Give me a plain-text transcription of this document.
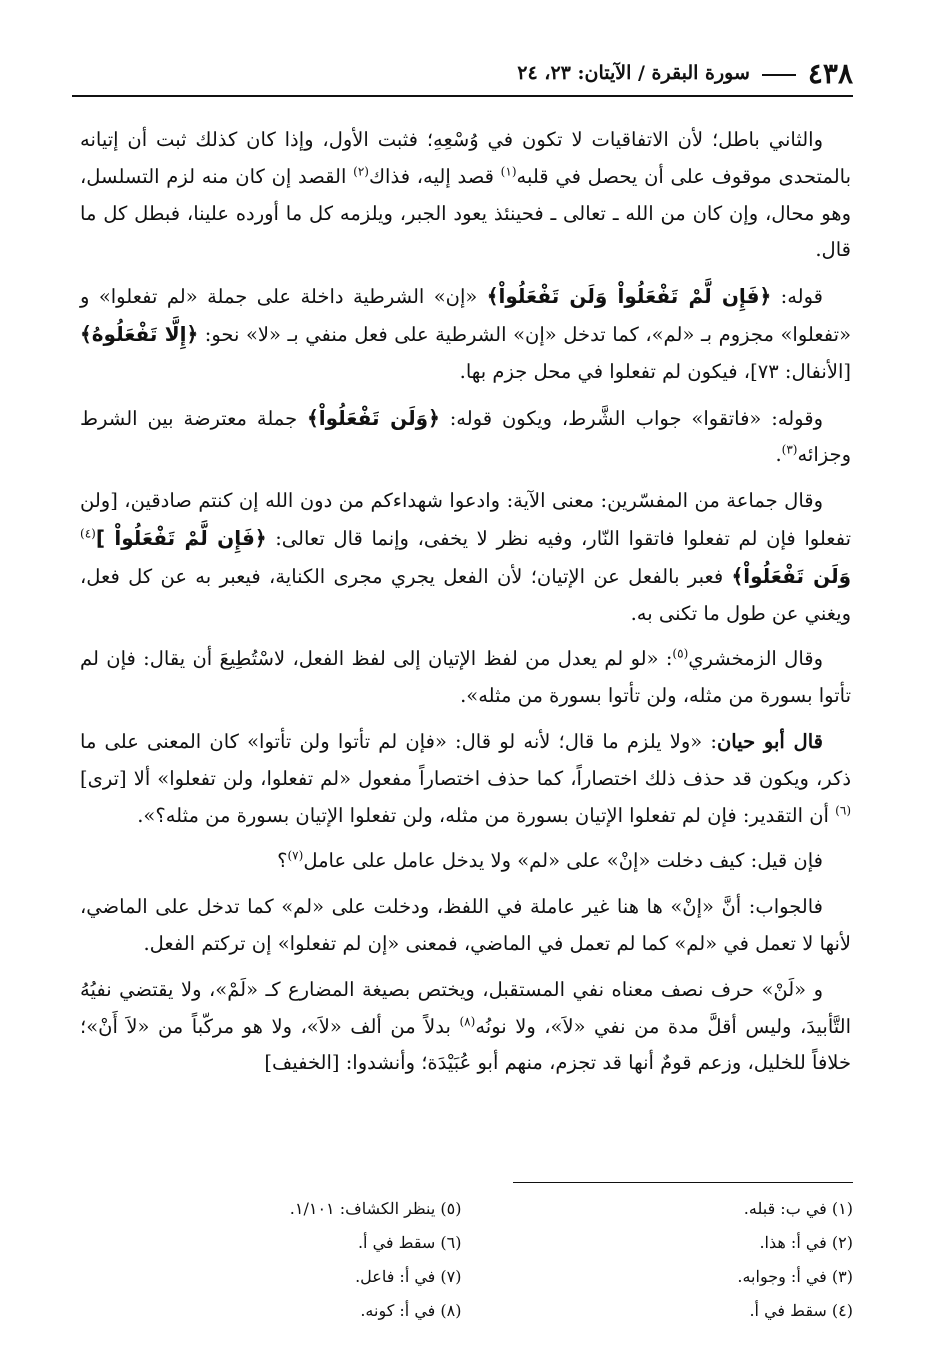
٤٣٨
سورة البقرة / الآيتان: ٢٣، ٢٤

والثاني باطل؛ لأن الاتفاقيات لا تكون في وُسْعِهِ؛ فثبت الأول، وإذا كان كذلك ثبت أن إتيانه بالمتحدى موقوف على أن يحصل في قلبه$^{(١)}$ قصد إليه، فذاك$^{(٢)}$ القصد إن كان منه لزم التسلسل، وهو محال، وإن كان من الله ـ تعالى ـ فحينئذ يعود الجبر، ويلزمه كل ما أورده علينا، فبطل كل ما قال.

قوله: ﴿فَإِن لَّمْ تَفْعَلُواْ وَلَن تَفْعَلُواْ﴾ «إن» الشرطية داخلة على جملة «لم تفعلوا» و «تفعلوا» مجزوم بـ «لم»، كما تدخل «إن» الشرطية على فعل منفي بـ «لا» نحو: ﴿إِلَّا تَفْعَلُوهُ﴾ [الأنفال: ٧٣]، فيكون لم تفعلوا في محل جزم بها.

وقوله: «فاتقوا» جواب الشَّرط، ويكون قوله: ﴿وَلَن تَفْعَلُواْ﴾ جملة معترضة بين الشرط وجزائه$^{(٣)}$.

وقال جماعة من المفسّرين: معنى الآية: وادعوا شهداءكم من دون الله إن كنتم صادقين، [ولن تفعلوا فإن لم تفعلوا فاتقوا النّار، وفيه نظر لا يخفى، وإنما قال تعالى: ﴿فَإِن لَّمْ تَفْعَلُواْ ]$^{(٤)}$ وَلَن تَفْعَلُواْ﴾ فعبر بالفعل عن الإتيان؛ لأن الفعل يجري مجرى الكناية، فيعبر به عن كل فعل، ويغني عن طول ما تكنى به.

وقال الزمخشري$^{(٥)}$: «لو لم يعدل من لفظ الإتيان إلى لفظ الفعل، لاسْتُطِيعَ أن يقال: فإن لم تأتوا بسورة من مثله، ولن تأتوا بسورة من مثله».

قال أبو حيان: «ولا يلزم ما قال؛ لأنه لو قال: «فإن لم تأتوا ولن تأتوا» كان المعنى على ما ذكر، ويكون قد حذف ذلك اختصاراً، كما حذف اختصاراً مفعول «لم تفعلوا، ولن تفعلوا» ألا [ترى]$^{(٦)}$ أن التقدير: فإن لم تفعلوا الإتيان بسورة من مثله، ولن تفعلوا الإتيان بسورة من مثله؟».

فإن قيل: كيف دخلت «إنْ» على «لم» ولا يدخل عامل على عامل$^{(٧)}$؟

فالجواب: أنَّ «إنْ» ها هنا غير عاملة في اللفظ، ودخلت على «لم» كما تدخل على الماضي، لأنها لا تعمل في «لم» كما لم تعمل في الماضي، فمعنى «إن لم تفعلوا» إن تركتم الفعل.

و «لَنْ» حرف نصف معناه نفي المستقبل، ويختص بصيغة المضارع كـ «لَمْ»، ولا يقتضي نفيُهُ التَّأبيدَ، وليس أقلَّ مدة من نفي «لاَ»، ولا نونُه$^{(٨)}$ بدلاً من ألف «لاَ»، ولا هو مركّباً من «لاَ أَنْ»؛ خلافاً للخليل، وزعم قومٌ أنها قد تجزم، منهم أبو عُبَيْدَة؛ وأنشدوا: [الخفيف]

(١) في ب: قبله.
(٢) في أ: هذا.
(٣) في أ: وجوابه.
(٤) سقط في أ.
(٥) ينظر الكشاف: ١/١٠١.
(٦) سقط في أ.
(٧) في أ: فاعل.
(٨) في أ: كونه.
